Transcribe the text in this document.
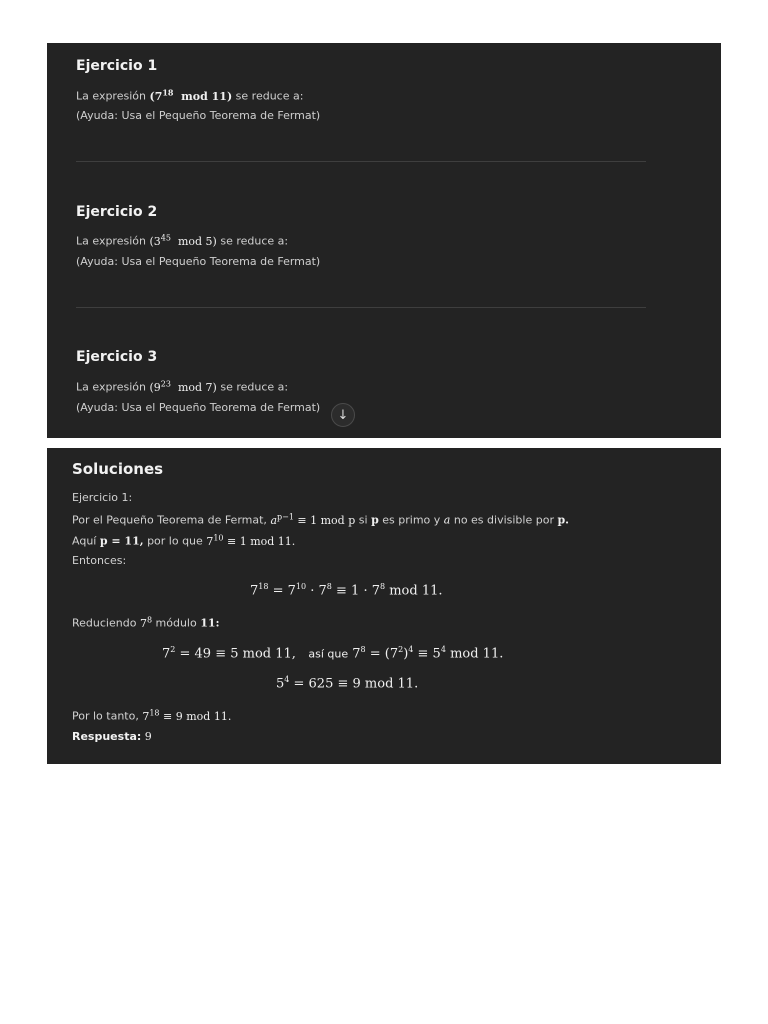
Ejercicio 1
La expresión ($7^{18}$ mod 11) se reduce a:
(Ayuda: Usa el Pequeño Teorema de Fermat)
Ejercicio 2
La expresión ($3^{45}$ mod 5) se reduce a:
(Ayuda: Usa el Pequeño Teorema de Fermat)
Ejercicio 3
La expresión ($9^{23}$ mod 7) se reduce a:
(Ayuda: Usa el Pequeño Teorema de Fermat) ↓
Soluciones
Ejercicio 1:
Por el Pequeño Teorema de Fermat, $a^{p-1} \equiv 1$ mod p si p es primo y a no es divisible por p.
Aquí p = 11, por lo que $7^{10} \equiv 1$ mod 11.
Entonces:
$7^{18} = 7^{10} \cdot 7^8 \equiv 1 \cdot 7^8$ mod 11.
Reduciendo $7^8$ módulo 11:
$7^2 = 49 \equiv 5$ mod 11, así que $7^8 = (7^2)^4 \equiv 5^4$ mod 11.
$5^4 = 625 \equiv 9$ mod 11.
Por lo tanto, $7^{18} \equiv 9$ mod 11.
Respuesta: 9
